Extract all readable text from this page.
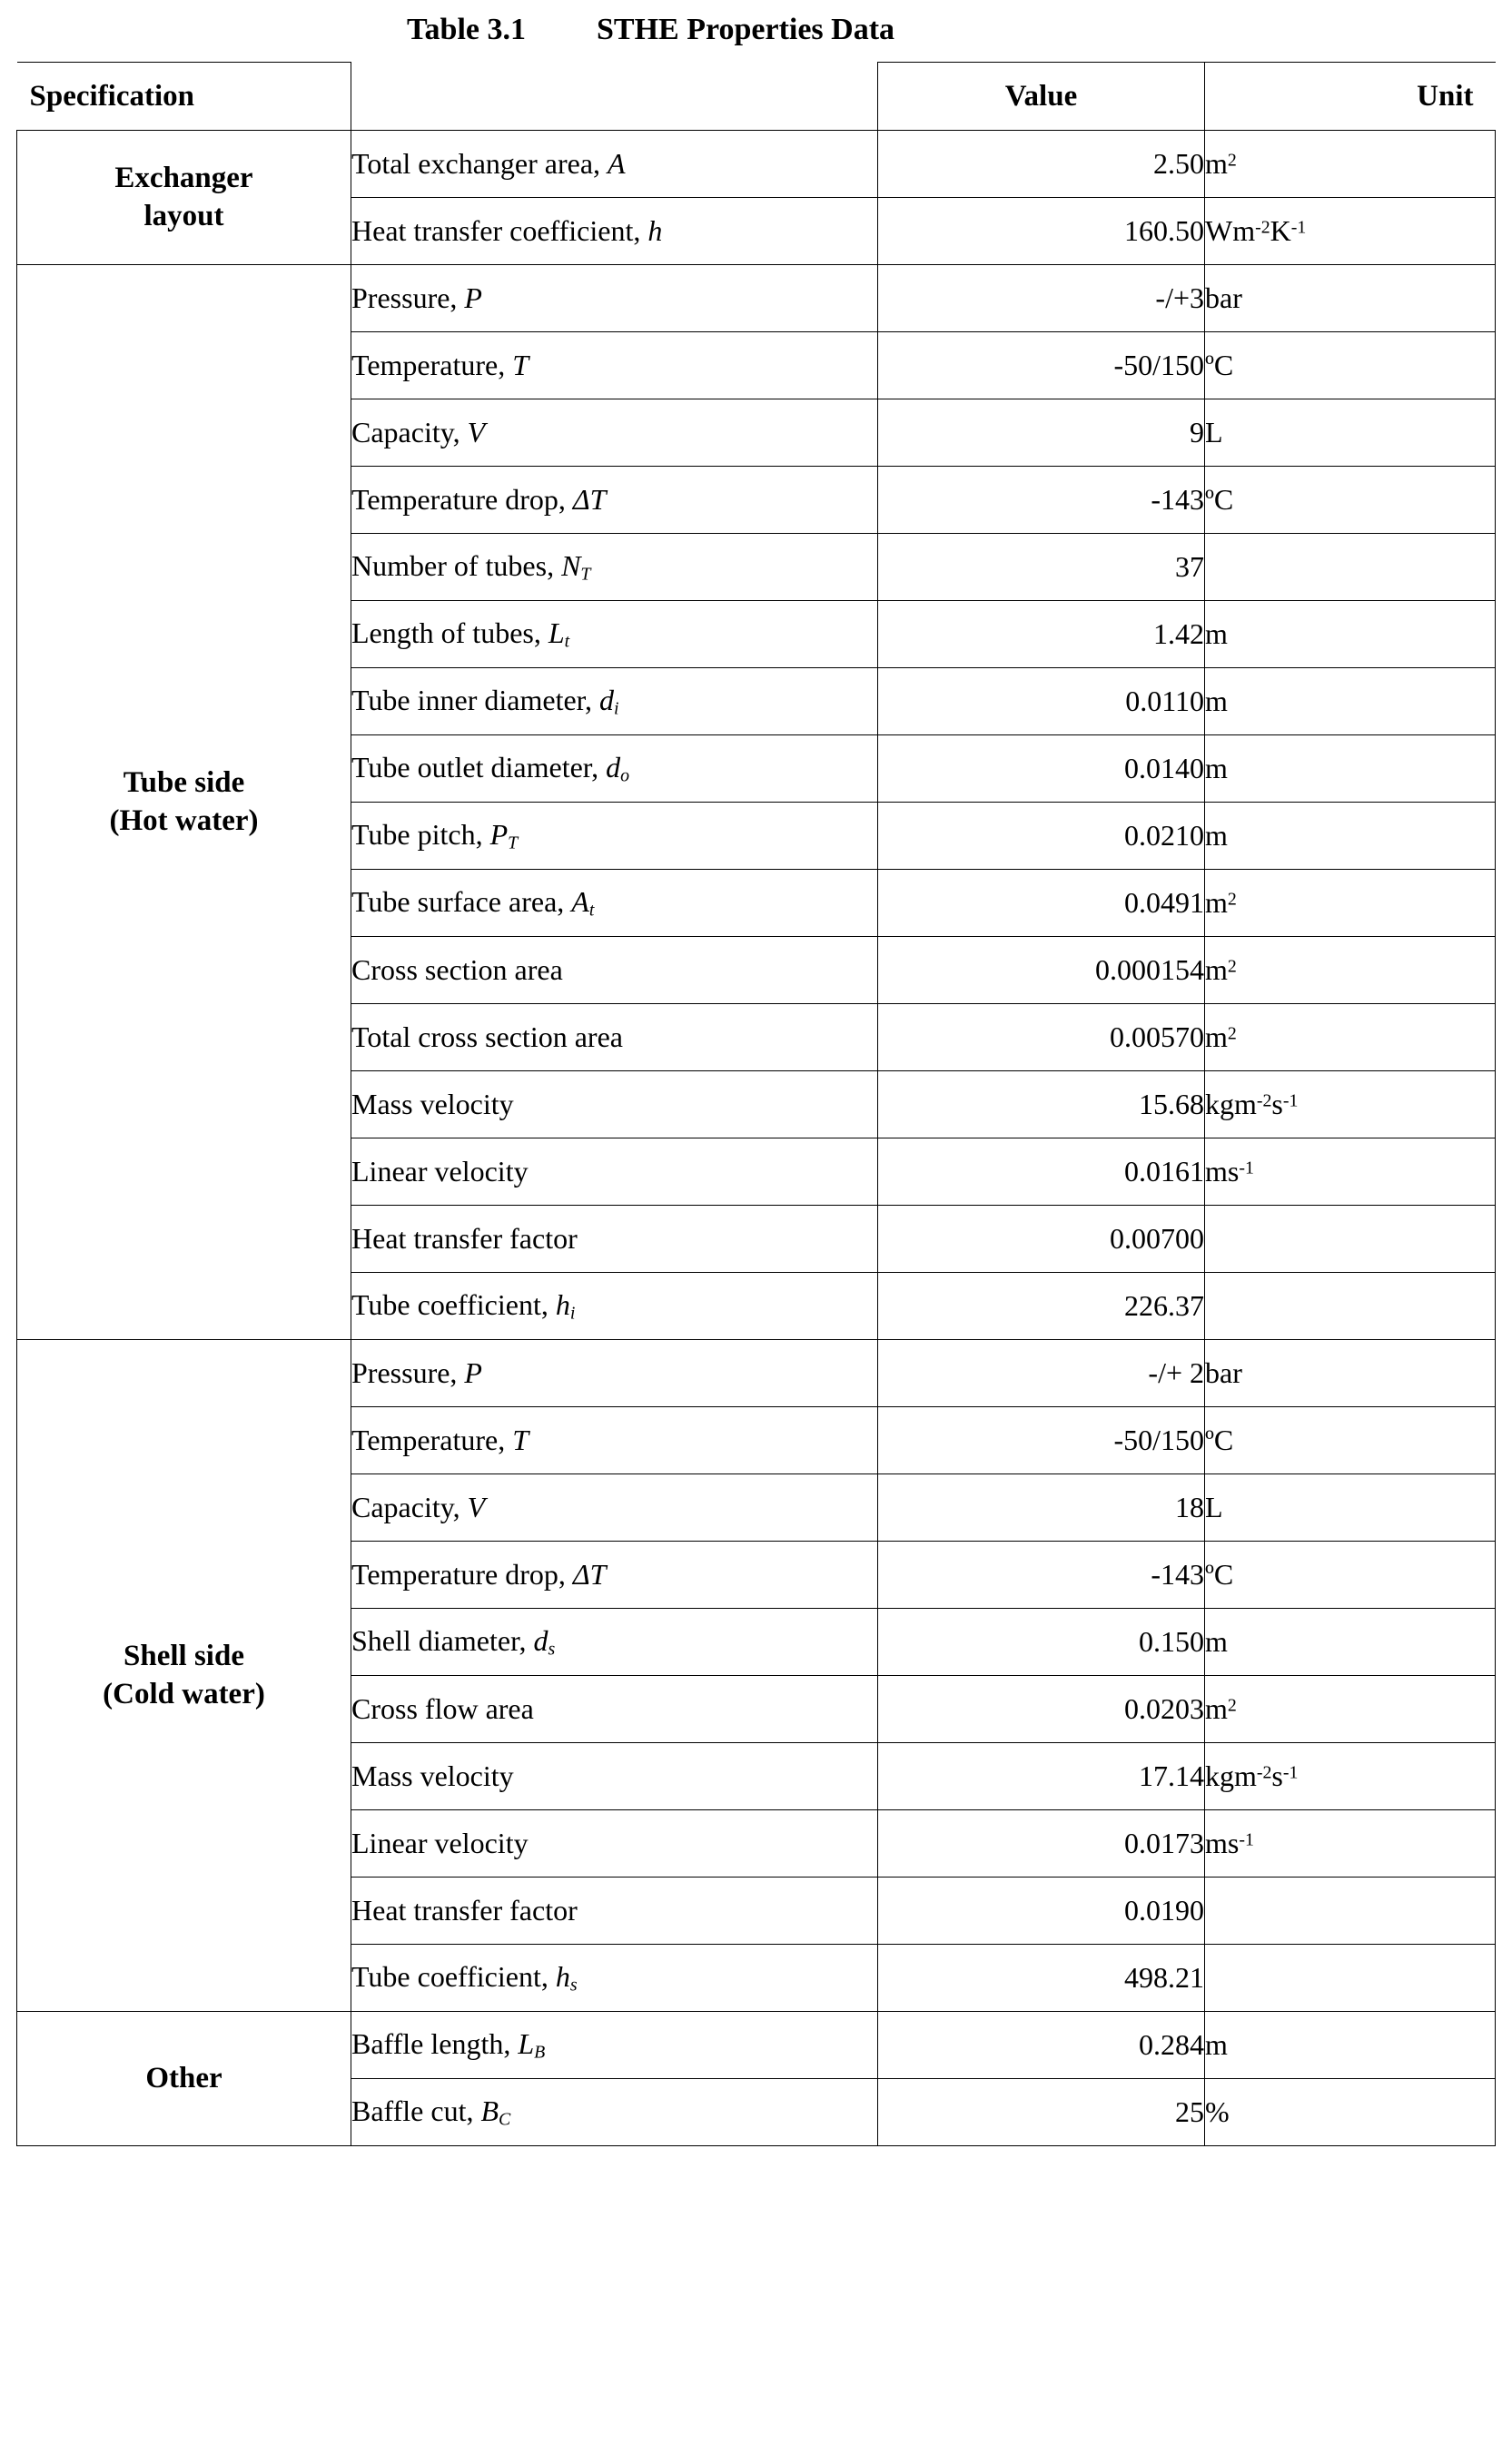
Table 3.1 STHE Properties Data
Specification		Value	Unit
Exchanger
layout	Total exchanger area, A	2.50	$m^2$
	Heat transfer coefficient, h	160.50	$Wm^{-2}K^{-1}$
Tube side
(Hot water)	Pressure, P	-/+3	bar
	Temperature, T	-50/150	ºC
	Capacity, V	9	L
	Temperature drop, ΔT	-143	ºC
	Number of tubes, $N_T$	37	
	Length of tubes, $L_t$	1.42	m
	Tube inner diameter, $d_i$	0.0110	m
	Tube outlet diameter, $d_o$	0.0140	m
	Tube pitch, $P_T$	0.0210	m
	Tube surface area, $A_t$	0.0491	$m^2$
	Cross section area	0.000154	$m^2$
	Total cross section area	0.00570	$m^2$
	Mass velocity	15.68	$kgm^{-2}s^{-1}$
	Linear velocity	0.0161	$ms^{-1}$
	Heat transfer factor	0.00700	
	Tube coefficient, $h_i$	226.37	
Shell side
(Cold water)	Pressure, P	-/+ 2	bar
	Temperature, T	-50/150	ºC
	Capacity, V	18	L
	Temperature drop, ΔT	-143	ºC
	Shell diameter, $d_s$	0.150	m
	Cross flow area	0.0203	$m^2$
	Mass velocity	17.14	$kgm^{-2}s^{-1}$
	Linear velocity	0.0173	$ms^{-1}$
	Heat transfer factor	0.0190	
	Tube coefficient, $h_s$	498.21	
Other	Baffle length, $L_B$	0.284	m
	Baffle cut, $B_C$	25	%
